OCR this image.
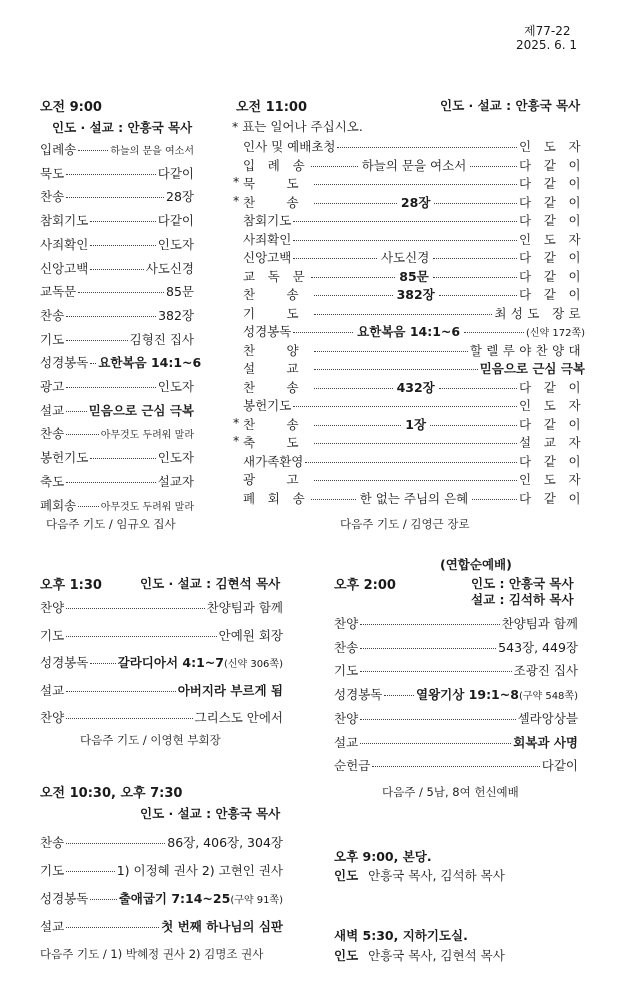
제77-22
2025. 6. 1
오전 9:00
인도 · 설교 : 안흥국 목사
입례송	하늘의 문을 여소서
묵도	다같이
찬송	28장
참회기도	다같이
사죄확인	인도자
신앙고백	사도신경
교독문	85문
찬송	382장
기도	김형진 집사
성경봉독 요한복음 14:1~6
광고	인도자
설교 믿음으로 근심 극복
찬송	아무것도 두려워 말라
봉헌기도	인도자
축도	설교자
폐회송 아무것도 두려워 말라
다음주 기도 / 임규오 집사
오전 11:00	인도 · 설교 : 안흥국 목사
* 표는 일어나 주십시오.
인사 및 예배초청	인 도 자
입 례 송	하늘의 문을 여소서	다 같 이
* 묵 도	다 같 이
* 찬 송	28장	다 같 이
참회기도	다 같 이
사죄확인	인 도 자
신앙고백	사도신경	다 같 이
교 독 문	85문	다 같 이
찬 송	382장	다 같 이
기 도	최성도 장로
성경봉독	요한복음 14:1~6	(신약 172쪽)
찬 양	할렐루야찬양대
설 교	믿음으로 근심 극복
찬 송	432장	다 같 이
봉헌기도	인 도 자
* 찬 송	1장	다 같 이
* 축 도	설 교 자
새가족환영	다 같 이
광 고	인 도 자
폐 회 송	한 없는 주님의 은혜	다 같 이
다음주 기도 / 김영근 장로
오후 1:30	인도 · 설교 : 김현석 목사
찬양	찬양팀과 함께
기도	안예원 회장
성경봉독 갈라디아서 4:1~7 (신약 306쪽)
설교	아버지라 부르게 됨
찬양	그리스도 안에서
다음주 기도 / 이영현 부회장
(연합순예배)
오후 2:00	인도 : 안흥국 목사
설교 : 김석하 목사
찬양	찬양팀과 함께
찬송	543장, 449장
기도	조광진 집사
성경봉독	열왕기상 19:1~8 (구약 548쪽)
찬양	셀라앙상블
설교	회복과 사명
순헌금	다같이
다음주 / 5남, 8여 헌신예배
오전 10:30, 오후 7:30
인도 · 설교 : 안흥국 목사
찬송	86장, 406장, 304장
기도	1) 이정혜 권사 2) 고현인 권사
성경봉독 출애굽기 7:14~25 (구약 91쪽)
설교	첫 번째 하나님의 심판
다음주 기도 / 1) 박혜정 권사 2) 김명조 권사
오후 9:00, 본당.
인도 안흥국 목사, 김석하 목사
새벽 5:30, 지하기도실.
인도 안흥국 목사, 김현석 목사
